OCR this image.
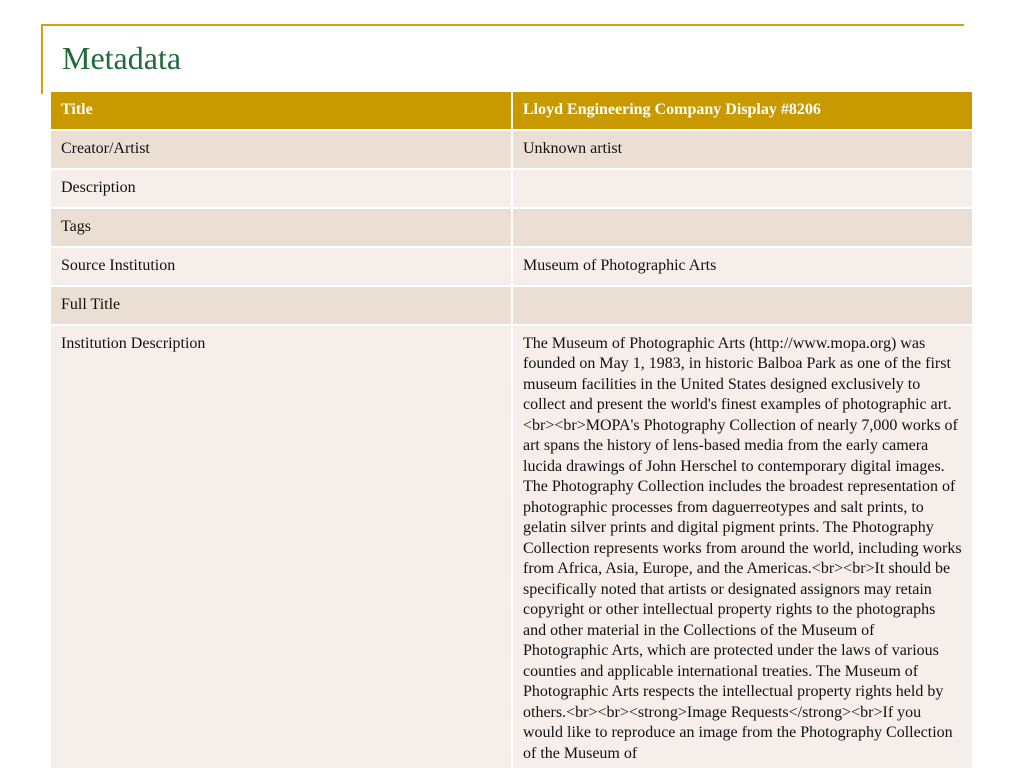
Metadata
Title	Lloyd Engineering Company Display #8206
Creator/Artist	Unknown artist
Description	
Tags	
Source Institution	Museum of Photographic Arts
Full Title	
Institution Description	The Museum of Photographic Arts (http://www.mopa.org) was founded on May 1, 1983, in historic Balboa Park as one of the first museum facilities in the United States designed exclusively to collect and present the world's finest examples of photographic art.<br><br>MOPA's Photography Collection of nearly 7,000 works of art spans the history of lens-based media from the early camera lucida drawings of John Herschel to contemporary digital images. The Photography Collection includes the broadest representation of photographic processes from daguerreotypes and salt prints, to gelatin silver prints and digital pigment prints. The Photography Collection represents works from around the world, including works from Africa, Asia, Europe, and the Americas.<br><br>It should be specifically noted that artists or designated assignors may retain copyright or other intellectual property rights to the photographs and other material in the Collections of the Museum of Photographic Arts, which are protected under the laws of various counties and applicable international treaties. The Museum of Photographic Arts respects the intellectual property rights held by others.<br><br><strong>Image Requests</strong><br>If you would like to reproduce an image from the Photography Collection of the Museum of
